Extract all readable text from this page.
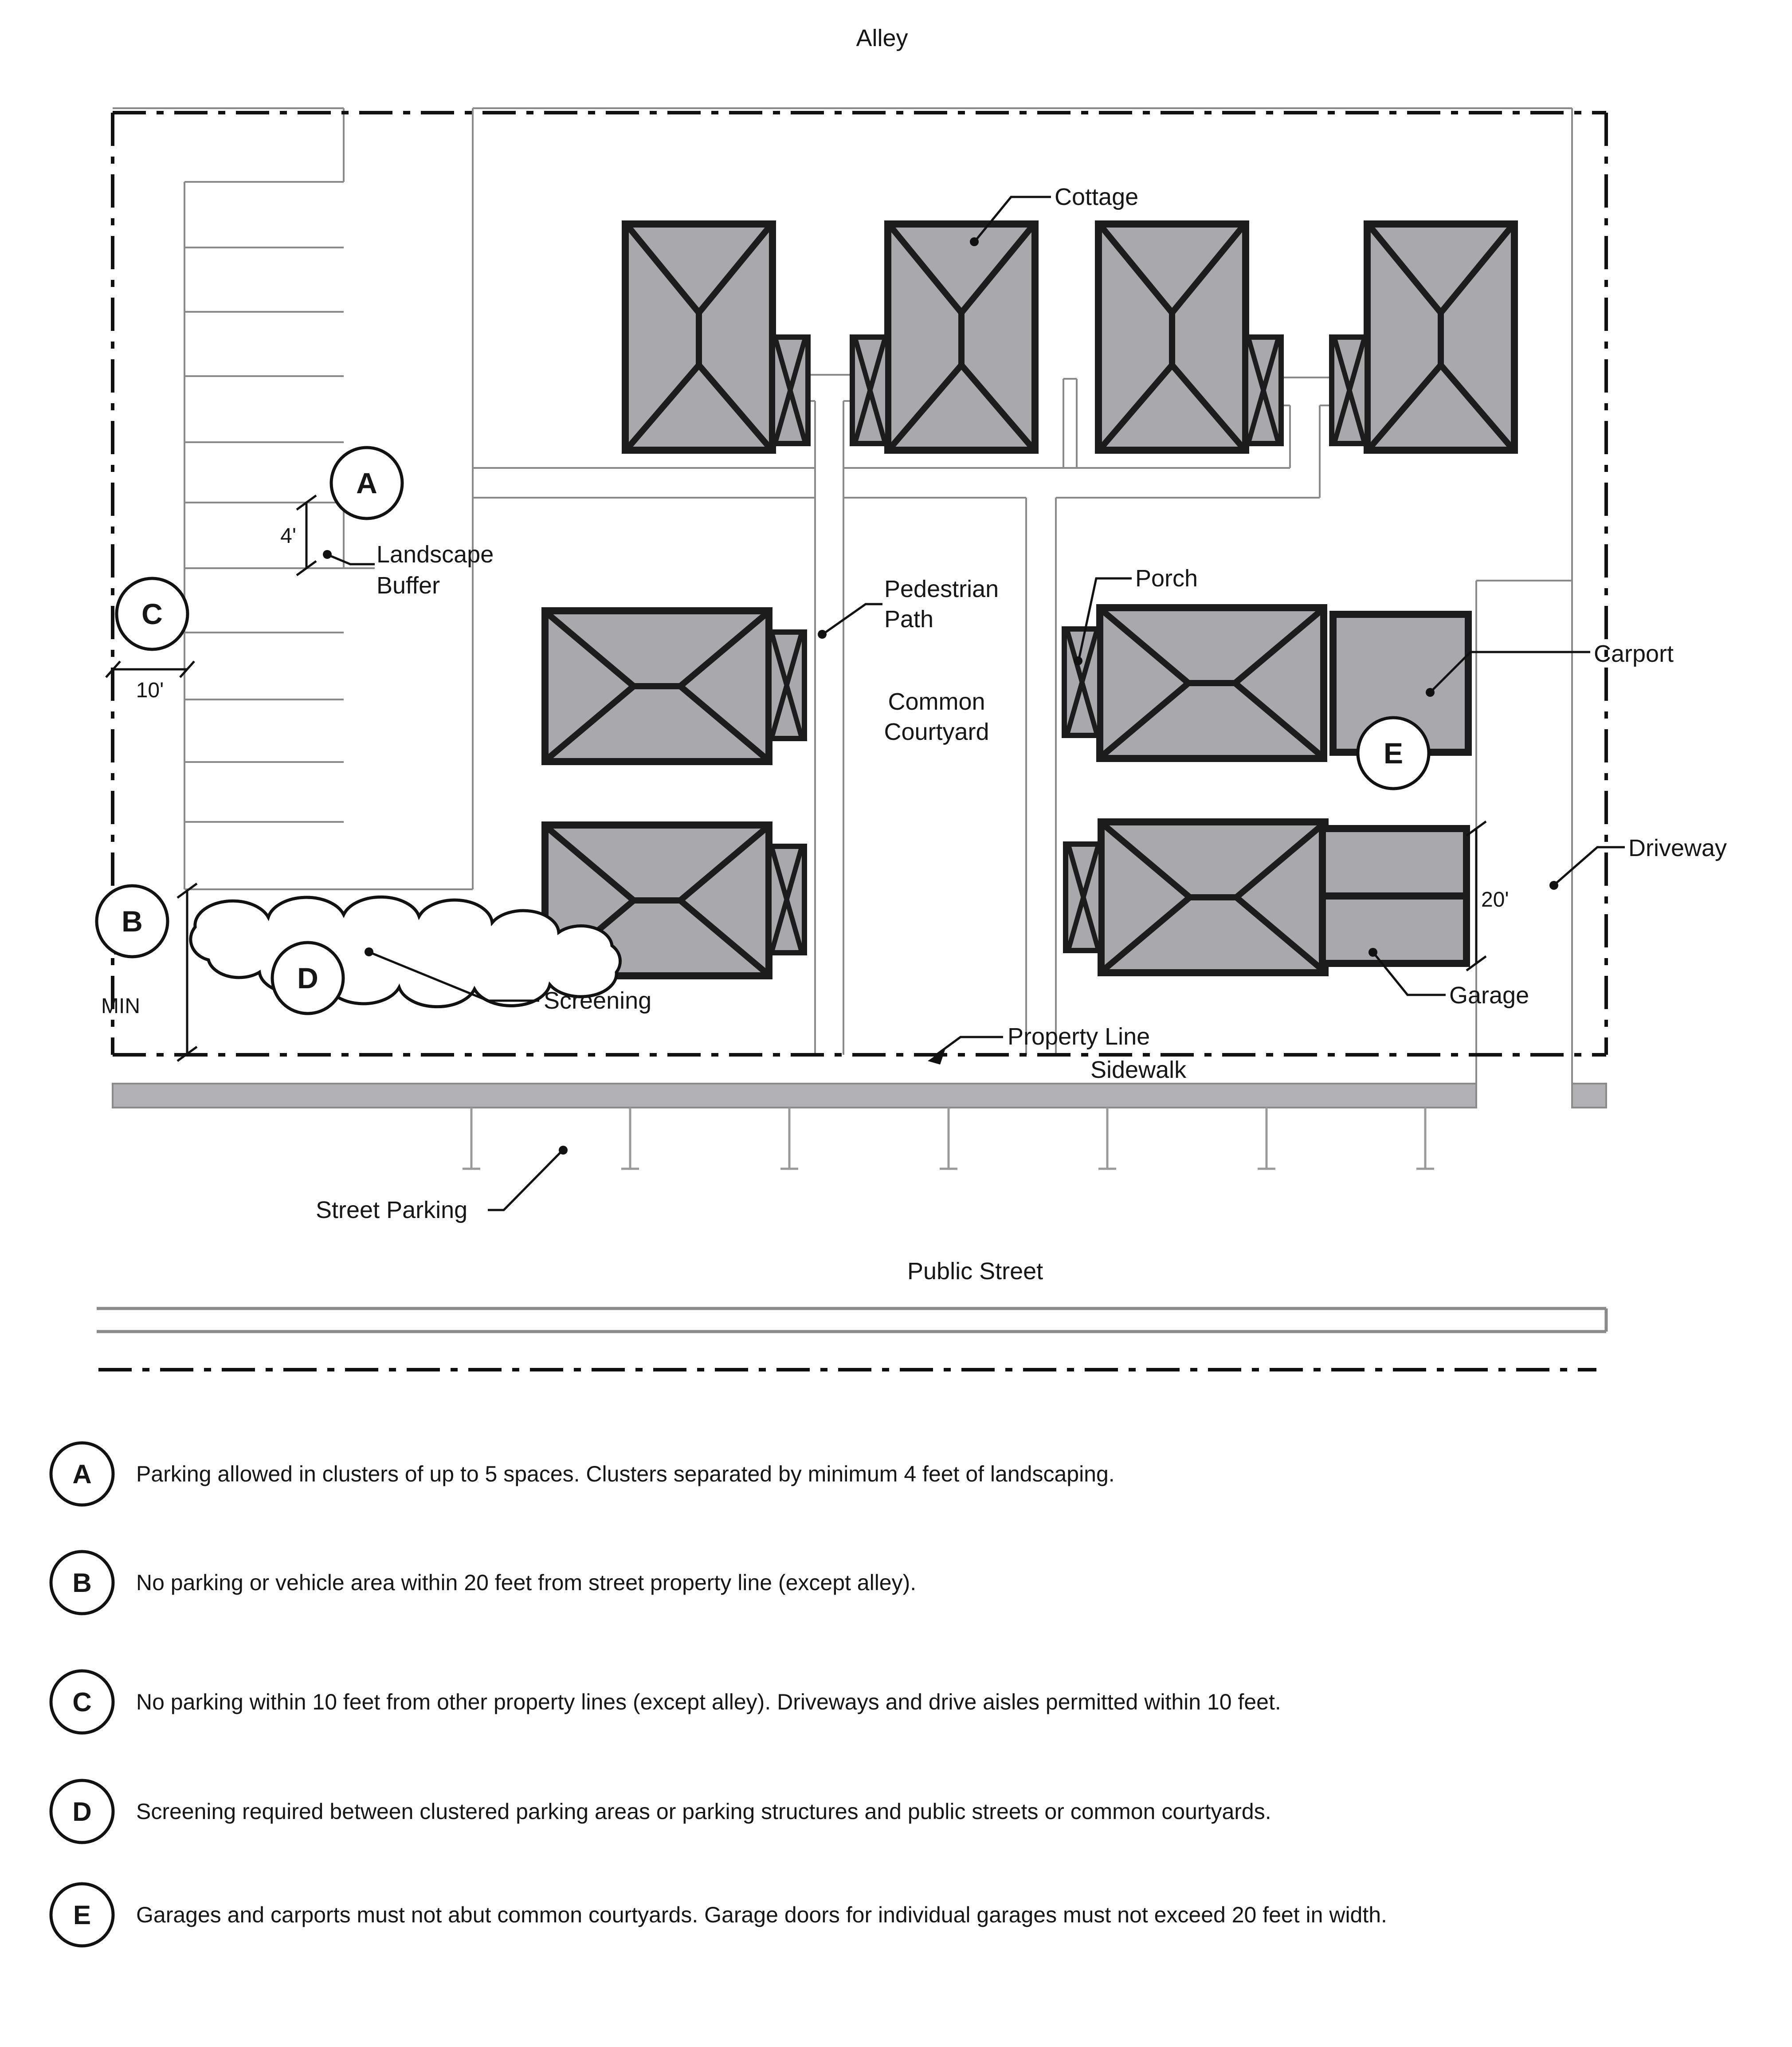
4'
10'
MIN
20'
A
B
C
D
E
Alley
Cottage
Landscape
Buffer	Pedestrian
Path
Common
Courtyard
Porch
Carport
Driveway
Garage
Screening
Property Line
Sidewalk
Street Parking
Public Street
A Parking allowed in clusters of up to 5 spaces. Clusters separated by minimum 4 feet of landscaping.
B No parking or vehicle area within 20 feet from street property line (except alley).
C No parking within 10 feet from other property lines (except alley). Driveways and drive aisles permitted within 10 feet.
D Screening required between clustered parking areas or parking structures and public streets or common courtyards.
E Garages and carports must not abut common courtyards. Garage doors for individual garages must not exceed 20 feet in width.
